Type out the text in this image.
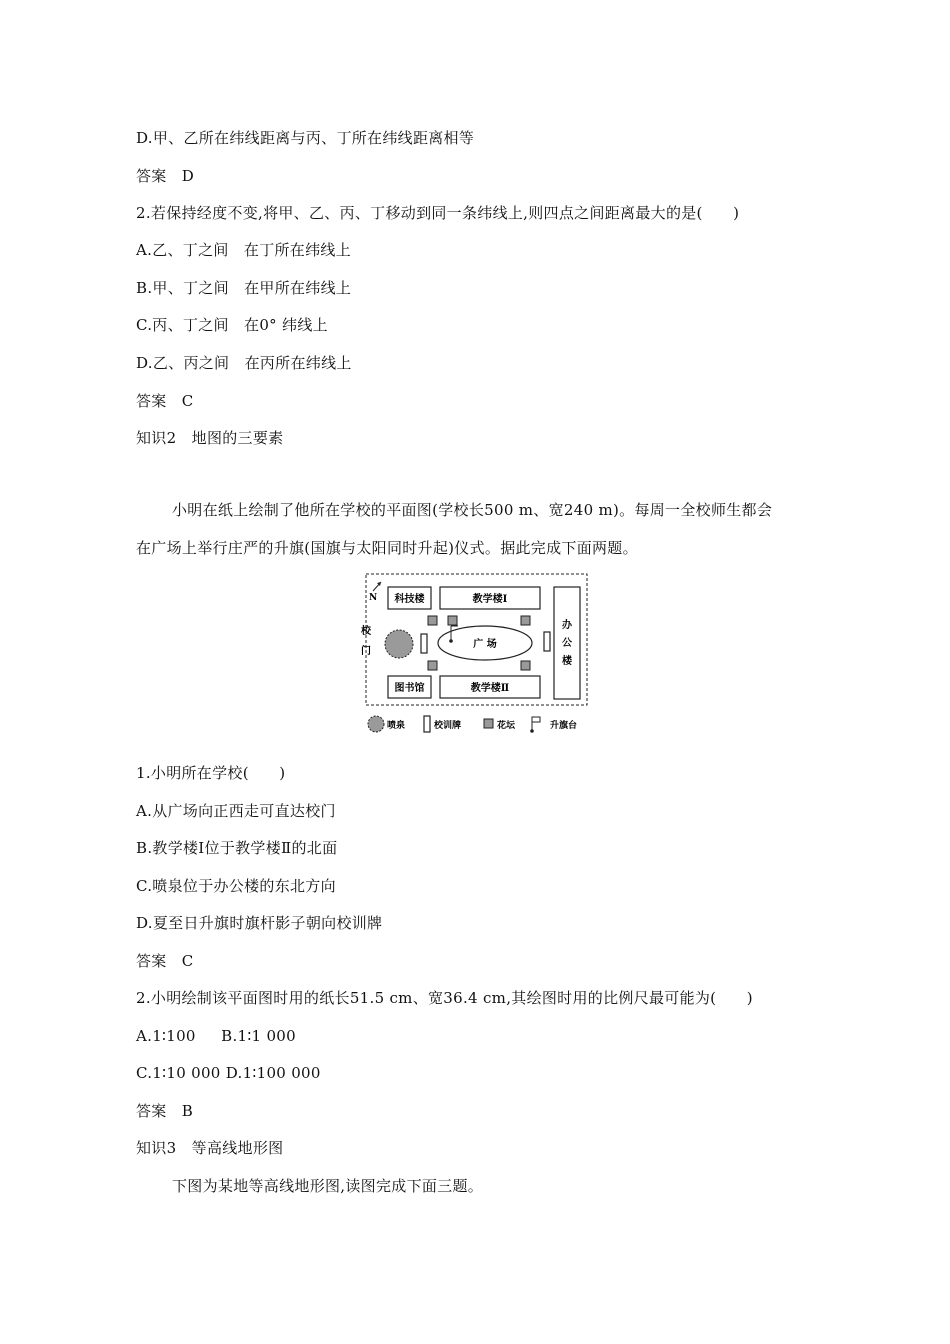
D.甲、乙所在纬线距离与丙、丁所在纬线距离相等
答案   D
2.若保持经度不变,将甲、乙、丙、丁移动到同一条纬线上,则四点之间距离最大的是(      )
A.乙、丁之间   在丁所在纬线上
B.甲、丁之间   在甲所在纬线上
C.丙、丁之间   在0° 纬线上
D.乙、丙之间   在丙所在纬线上
答案   C
知识2   地图的三要素
小明在纸上绘制了他所在学校的平面图(学校长500 m、宽240 m)。每周一全校师生都会
在广场上举行庄严的升旗(国旗与太阳同时升起)仪式。据此完成下面两题。
N 科技楼	教学楼Ⅰ
办
公
楼
校
门
广 场
图书馆	教学楼Ⅱ
喷泉	校训牌	花坛	升旗台
1.小明所在学校(      )
A.从广场向正西走可直达校门
B.教学楼Ⅰ位于教学楼Ⅱ的北面
C.喷泉位于办公楼的东北方向
D.夏至日升旗时旗杆影子朝向校训牌
答案   C
2.小明绘制该平面图时用的纸长51.5 cm、宽36.4 cm,其绘图时用的比例尺最可能为(      )
A.1∶100     B.1∶1 000
C.1∶10 000 D.1∶100 000
答案   B
知识3   等高线地形图
下图为某地等高线地形图,读图完成下面三题。
